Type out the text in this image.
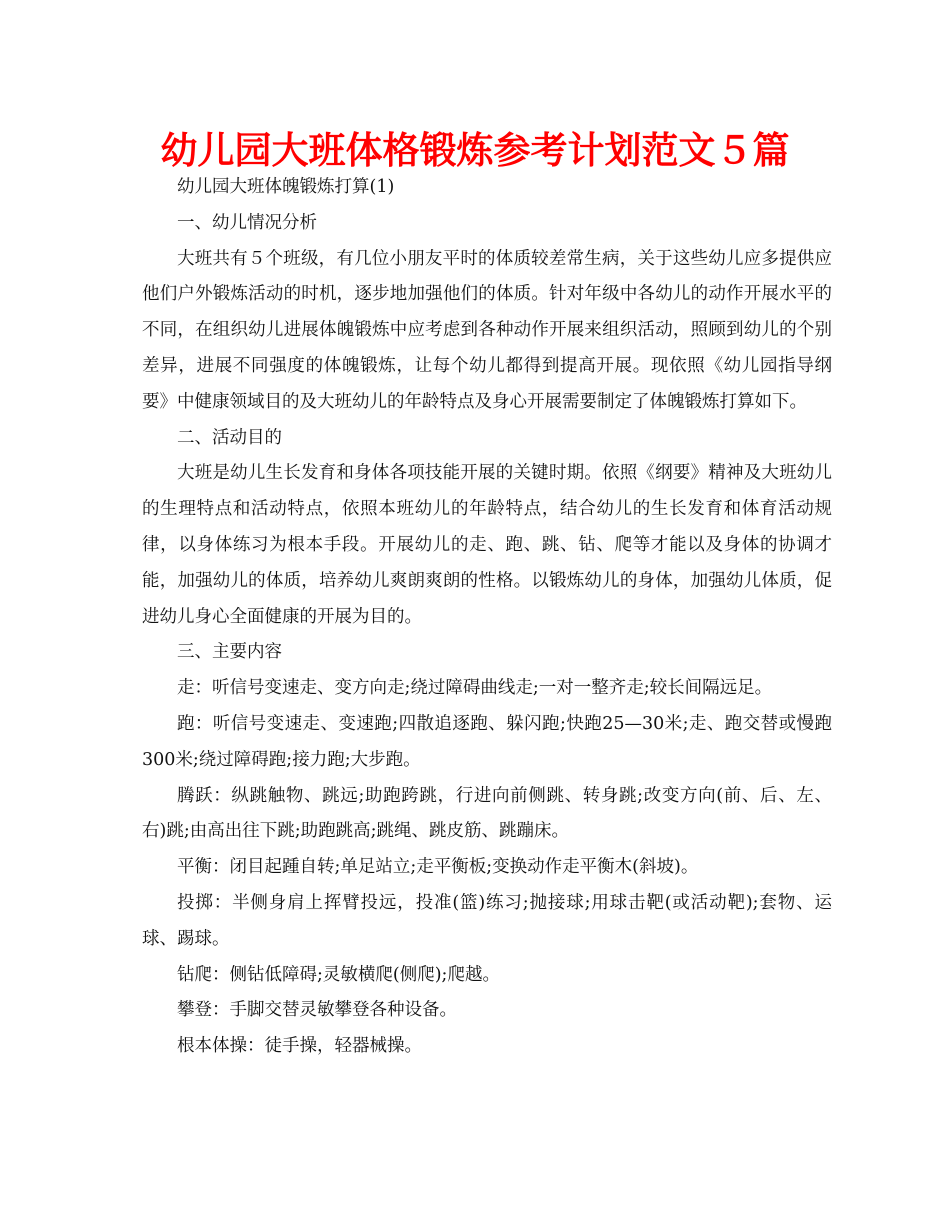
幼儿园大班体格锻炼参考计划范文５篇

幼儿园大班体魄锻炼打算(1)

一、幼儿情况分析

大班共有５个班级，有几位小朋友平时的体质较差常生病，关于这些幼儿应多提供应他们户外锻炼活动的时机，逐步地加强他们的体质。针对年级中各幼儿的动作开展水平的不同，在组织幼儿进展体魄锻炼中应考虑到各种动作开展来组织活动，照顾到幼儿的个别差异，进展不同强度的体魄锻炼，让每个幼儿都得到提高开展。现依照《幼儿园指导纲要》中健康领域目的及大班幼儿的年龄特点及身心开展需要制定了体魄锻炼打算如下。

二、活动目的

大班是幼儿生长发育和身体各项技能开展的关键时期。依照《纲要》精神及大班幼儿的生理特点和活动特点，依照本班幼儿的年龄特点，结合幼儿的生长发育和体育活动规律，以身体练习为根本手段。开展幼儿的走、跑、跳、钻、爬等才能以及身体的协调才能，加强幼儿的体质，培养幼儿爽朗爽朗的性格。以锻炼幼儿的身体，加强幼儿体质，促进幼儿身心全面健康的开展为目的。

三、主要内容

走：听信号变速走、变方向走;绕过障碍曲线走;一对一整齐走;较长间隔远足。

跑：听信号变速走、变速跑;四散追逐跑、躲闪跑;快跑25—30米;走、跑交替或慢跑300米;绕过障碍跑;接力跑;大步跑。

腾跃：纵跳触物、跳远;助跑跨跳，行进向前侧跳、转身跳;改变方向(前、后、左、右)跳;由高出往下跳;助跑跳高;跳绳、跳皮筋、跳蹦床。

平衡：闭目起踵自转;单足站立;走平衡板;变换动作走平衡木(斜坡)。

投掷：半侧身肩上挥臂投远，投准(篮)练习;抛接球;用球击靶(或活动靶);套物、运球、踢球。

钻爬：侧钻低障碍;灵敏横爬(侧爬);爬越。

攀登：手脚交替灵敏攀登各种设备。

根本体操：徒手操，轻器械操。
